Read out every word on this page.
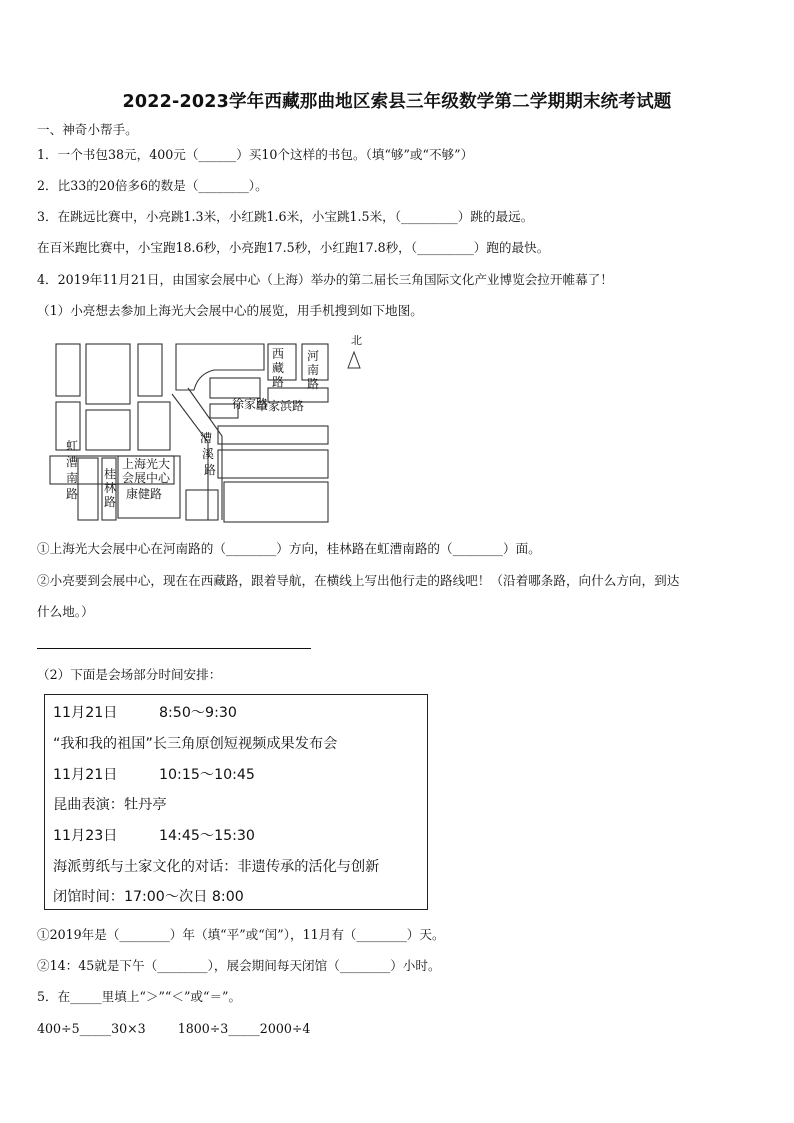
2022-2023学年西藏那曲地区索县三年级数学第二学期期末统考试题
一、神奇小帮手。
1．一个书包38元，400元（______）买10个这样的书包。（填“够”或“不够”）
2．比33的20倍多6的数是（________）。
3．在跳远比赛中，小亮跳1.3米，小红跳1.6米，小宝跳1.5米，（_________）跳的最远。
在百米跑比赛中，小宝跑18.6秒，小亮跑17.5秒，小红跑17.8秒，（_________）跑的最快。
4．2019年11月21日，由国家会展中心（上海）举办的第二届长三角国际文化产业博览会拉开帷幕了！
（1）小亮想去参加上海光大会展中心的展览，用手机搜到如下地图。
北
西
藏
路
河
南
路
徐家路
肇家浜路
漕
溪
路
虹
漕
南
路
桂
林
路
上海光大
会展中心
康健路
①上海光大会展中心在河南路的（________）方向，桂林路在虹漕南路的（________）面。
②小亮要到会展中心，现在在西藏路，跟着导航，在横线上写出他行走的路线吧！（沿着哪条路，向什么方向，到达
什么地。）
（2）下面是会场部分时间安排：
11月21日	8:50～9:30
“我和我的祖国”长三角原创短视频成果发布会
11月21日	10:15～10:45
昆曲表演：牡丹亭
11月23日	14:45～15:30
海派剪纸与土家文化的对话：非遗传承的活化与创新
闭馆时间：17:00～次日 8:00
①2019年是（________）年（填“平”或“闰”），11月有（________）天。
②14：45就是下午（________），展会期间每天闭馆（________）小时。
5．在_____里填上“＞”“＜”或“＝”。
400÷5_____30×3        1800÷3_____2000÷4
